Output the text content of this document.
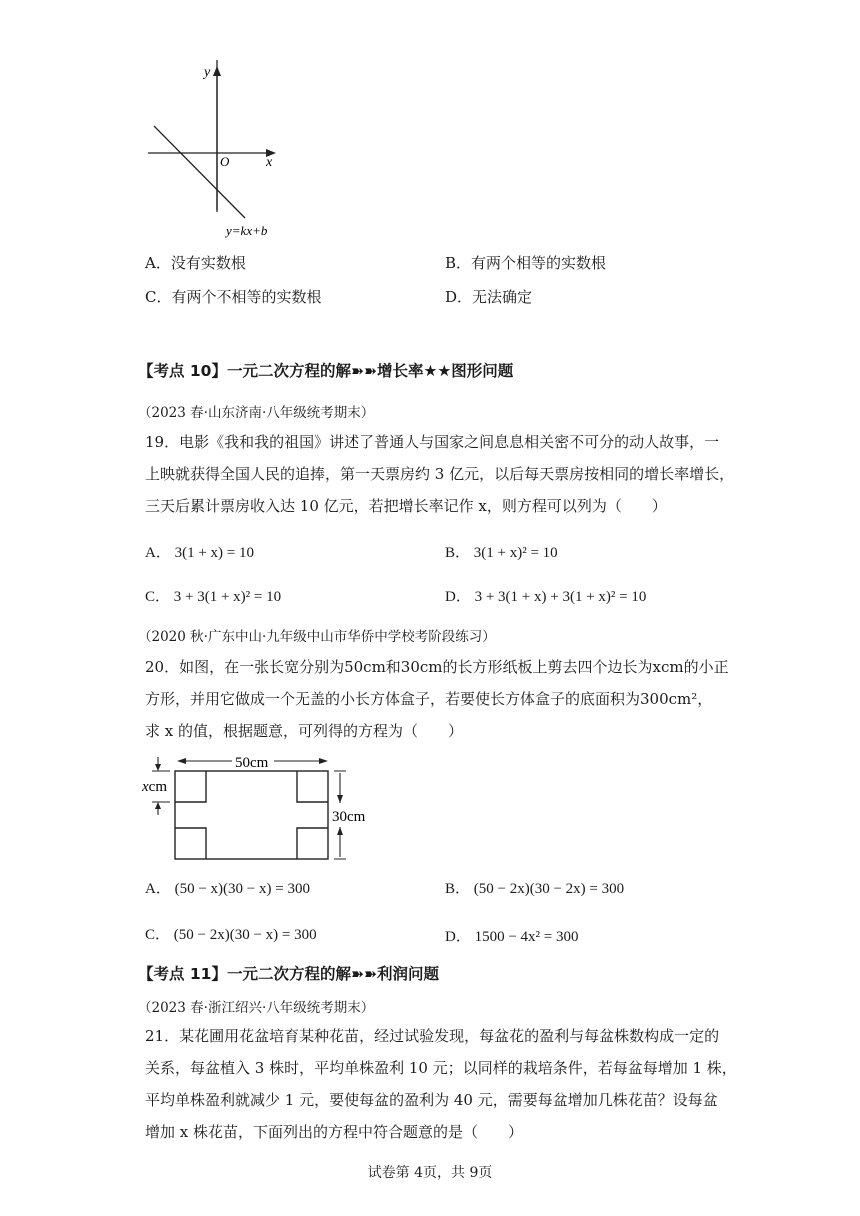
y
x
O
y=kx+b
A．没有实数根	B．有两个相等的实数根
C．有两个不相等的实数根	D．无法确定
【考点 10】一元二次方程的解➽➽增长率★★图形问题
（2023 春·山东济南·八年级统考期末）
19．电影《我和我的祖国》讲述了普通人与国家之间息息相关密不可分的动人故事，一
上映就获得全国人民的追捧，第一天票房约 3 亿元，以后每天票房按相同的增长率增长，
三天后累计票房收入达 10 亿元，若把增长率记作 x，则方程可以列为（　　）
A． 3(1 + x) = 10	B． 3(1 + x)² = 10
C． 3 + 3(1 + x)² = 10	D． 3 + 3(1 + x) + 3(1 + x)² = 10
（2020 秋·广东中山·九年级中山市华侨中学校考阶段练习）
20．如图，在一张长宽分别为50cm和30cm的长方形纸板上剪去四个边长为xcm的小正
方形，并用它做成一个无盖的小长方体盒子，若要使长方体盒子的底面积为300cm²，
求 x 的值，根据题意，可列得的方程为（　　）
50cm
30cm
xcm
A． (50 − x)(30 − x) = 300	B． (50 − 2x)(30 − 2x) = 300
C． (50 − 2x)(30 − x) = 300	D． 1500 − 4x² = 300
【考点 11】一元二次方程的解➽➽利润问题
（2023 春·浙江绍兴·八年级统考期末）
21．某花圃用花盆培育某种花苗，经过试验发现，每盆花的盈利与每盆株数构成一定的
关系，每盆植入 3 株时，平均单株盈利 10 元；以同样的栽培条件，若每盆每增加 1 株，
平均单株盈利就减少 1 元，要使每盆的盈利为 40 元，需要每盆增加几株花苗？设每盆
增加 x 株花苗，下面列出的方程中符合题意的是（　　）
试卷第 4页，共 9页
